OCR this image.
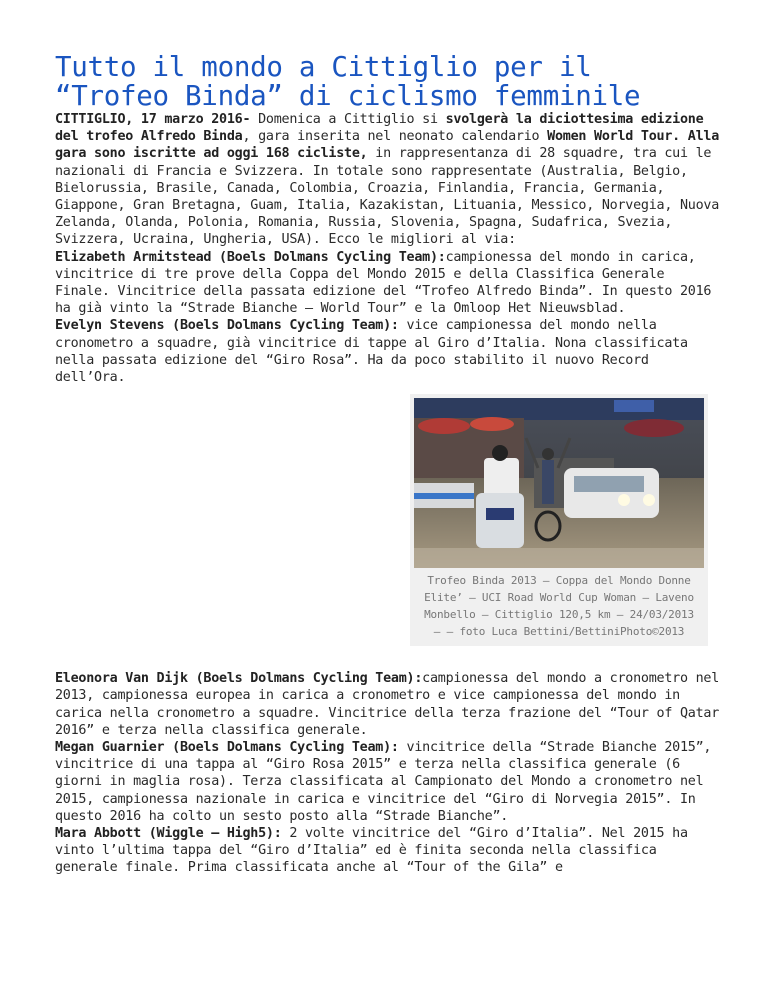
Tutto il mondo a Cittiglio per il “Trofeo Binda” di ciclismo femminile

CITTIGLIO, 17 marzo 2016- Domenica a Cittiglio si svolgerà la diciottesima edizione del trofeo Alfredo Binda, gara inserita nel neonato calendario Women World Tour. Alla gara sono iscritte ad oggi 168 cicliste, in rappresentanza di 28 squadre, tra cui le nazionali di Francia e Svizzera. In totale sono rappresentate (Australia, Belgio, Bielorussia, Brasile, Canada, Colombia, Croazia, Finlandia, Francia, Germania, Giappone, Gran Bretagna, Guam, Italia, Kazakistan, Lituania, Messico, Norvegia, Nuova Zelanda, Olanda, Polonia, Romania, Russia, Slovenia, Spagna, Sudafrica, Svezia, Svizzera, Ucraina, Ungheria, USA). Ecco le migliori al via:

Elizabeth Armitstead (Boels Dolmans Cycling Team):campionessa del mondo in carica, vincitrice di tre prove della Coppa del Mondo 2015 e della Classifica Generale Finale. Vincitrice della passata edizione del “Trofeo Alfredo Binda”. In questo 2016 ha già vinto la “Strade Bianche – World Tour” e la Omloop Het Nieuwsblad.

Evelyn Stevens (Boels Dolmans Cycling Team): vice campionessa del mondo nella cronometro a squadre, già vincitrice di tappe al Giro d’Italia. Nona classificata nella passata edizione del “Giro Rosa”. Ha da poco stabilito il nuovo Record dell’Ora.

Trofeo Binda 2013 – Coppa del Mondo Donne Elite’ – UCI Road World Cup Woman – Laveno Monbello – Cittiglio 120,5 km – 24/03/2013 – – foto Luca Bettini/BettiniPhoto©2013

Eleonora Van Dijk (Boels Dolmans Cycling Team):campionessa del mondo a cronometro nel 2013, campionessa europea in carica a cronometro e vice campionessa del mondo in carica nella cronometro a squadre. Vincitrice della terza frazione del “Tour of Qatar 2016” e terza nella classifica generale.

Megan Guarnier (Boels Dolmans Cycling Team): vincitrice della “Strade Bianche 2015”, vincitrice di una tappa al “Giro Rosa 2015” e terza nella classifica generale (6 giorni in maglia rosa). Terza classificata al Campionato del Mondo a cronometro nel 2015, campionessa nazionale in carica e vincitrice del “Giro di Norvegia 2015”. In questo 2016 ha colto un sesto posto alla “Strade Bianche”.

Mara Abbott (Wiggle – High5): 2 volte vincitrice del “Giro d’Italia”. Nel 2015 ha vinto l’ultima tappa del “Giro d’Italia” ed è finita seconda nella classifica generale finale. Prima classificata anche al “Tour of the Gila” e
